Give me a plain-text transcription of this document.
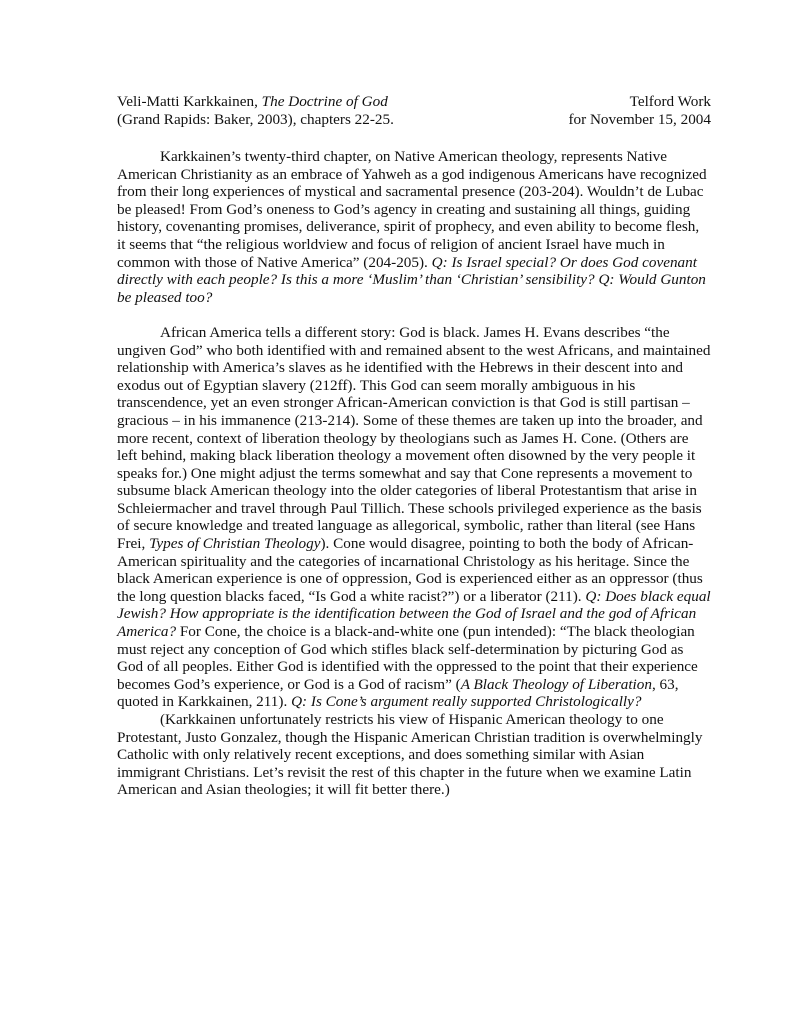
Veli-Matti Karkkainen, The Doctrine of God	Telford Work
(Grand Rapids: Baker, 2003), chapters 22-25.	for November 15, 2004

Karkkainen’s twenty-third chapter, on Native American theology, represents Native American Christianity as an embrace of Yahweh as a god indigenous Americans have recognized from their long experiences of mystical and sacramental presence (203-204). Wouldn’t de Lubac be pleased! From God’s oneness to God’s agency in creating and sustaining all things, guiding history, covenanting promises, deliverance, spirit of prophecy, and even ability to become flesh, it seems that “the religious worldview and focus of religion of ancient Israel have much in common with those of Native America” (204-205). Q: Is Israel special? Or does God covenant directly with each people? Is this a more ‘Muslim’ than ‘Christian’ sensibility? Q: Would Gunton be pleased too?

African America tells a different story: God is black. James H. Evans describes “the ungiven God” who both identified with and remained absent to the west Africans, and maintained relationship with America’s slaves as he identified with the Hebrews in their descent into and exodus out of Egyptian slavery (212ff). This God can seem morally ambiguous in his transcendence, yet an even stronger African-American conviction is that God is still partisan – gracious – in his immanence (213-214). Some of these themes are taken up into the broader, and more recent, context of liberation theology by theologians such as James H. Cone. (Others are left behind, making black liberation theology a movement often disowned by the very people it speaks for.) One might adjust the terms somewhat and say that Cone represents a movement to subsume black American theology into the older categories of liberal Protestantism that arise in Schleiermacher and travel through Paul Tillich. These schools privileged experience as the basis of secure knowledge and treated language as allegorical, symbolic, rather than literal (see Hans Frei, Types of Christian Theology). Cone would disagree, pointing to both the body of African-American spirituality and the categories of incarnational Christology as his heritage. Since the black American experience is one of oppression, God is experienced either as an oppressor (thus the long question blacks faced, “Is God a white racist?”) or a liberator (211). Q: Does black equal Jewish? How appropriate is the identification between the God of Israel and the god of African America? For Cone, the choice is a black-and-white one (pun intended): “The black theologian must reject any conception of God which stifles black self-determination by picturing God as God of all peoples. Either God is identified with the oppressed to the point that their experience becomes God’s experience, or God is a God of racism” (A Black Theology of Liberation, 63, quoted in Karkkainen, 211). Q: Is Cone’s argument really supported Christologically?

(Karkkainen unfortunately restricts his view of Hispanic American theology to one Protestant, Justo Gonzalez, though the Hispanic American Christian tradition is overwhelmingly Catholic with only relatively recent exceptions, and does something similar with Asian immigrant Christians. Let’s revisit the rest of this chapter in the future when we examine Latin American and Asian theologies; it will fit better there.)
